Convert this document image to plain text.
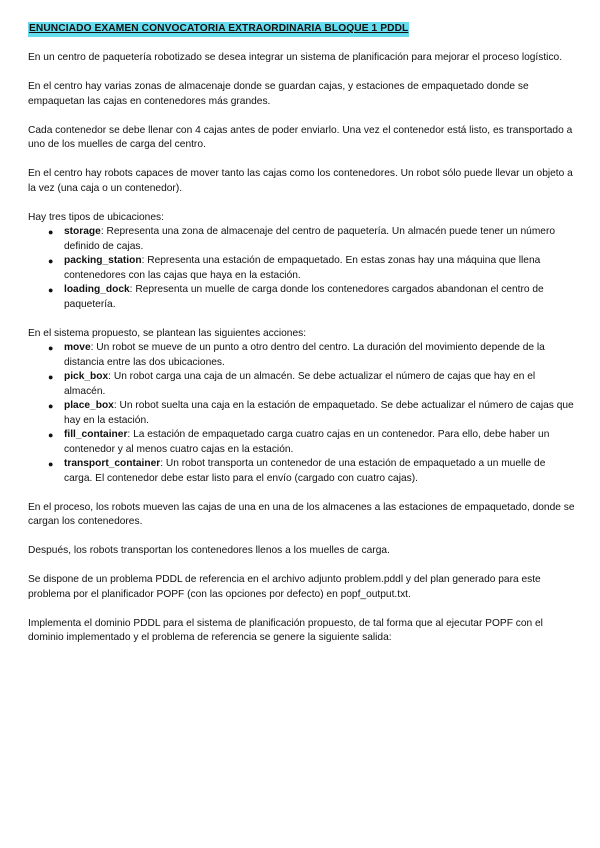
ENUNCIADO EXAMEN CONVOCATORIA EXTRAORDINARIA BLOQUE 1 PDDL

En un centro de paquetería robotizado se desea integrar un sistema de planificación para mejorar el proceso logístico.

En el centro hay varias zonas de almacenaje donde se guardan cajas, y estaciones de empaquetado donde se empaquetan las cajas en contenedores más grandes.

Cada contenedor se debe llenar con 4 cajas antes de poder enviarlo. Una vez el contenedor está listo, es transportado a uno de los muelles de carga del centro.

En el centro hay robots capaces de mover tanto las cajas como los contenedores. Un robot sólo puede llevar un objeto a la vez (una caja o un contenedor).

Hay tres tipos de ubicaciones:

● storage: Representa una zona de almacenaje del centro de paquetería. Un almacén puede tener un número definido de cajas.
● packing_station: Representa una estación de empaquetado. En estas zonas hay una máquina que llena contenedores con las cajas que haya en la estación.
● loading_dock: Representa un muelle de carga donde los contenedores cargados abandonan el centro de paquetería.

En el sistema propuesto, se plantean las siguientes acciones:

● move: Un robot se mueve de un punto a otro dentro del centro. La duración del movimiento depende de la distancia entre las dos ubicaciones.
● pick_box: Un robot carga una caja de un almacén. Se debe actualizar el número de cajas que hay en el almacén.
● place_box: Un robot suelta una caja en la estación de empaquetado. Se debe actualizar el número de cajas que hay en la estación.
● fill_container: La estación de empaquetado carga cuatro cajas en un contenedor. Para ello, debe haber un contenedor y al menos cuatro cajas en la estación.
● transport_container: Un robot transporta un contenedor de una estación de empaquetado a un muelle de carga. El contenedor debe estar listo para el envío (cargado con cuatro cajas).

En el proceso, los robots mueven las cajas de una en una de los almacenes a las estaciones de empaquetado, donde se cargan los contenedores.

Después, los robots transportan los contenedores llenos a los muelles de carga.

Se dispone de un problema PDDL de referencia en el archivo adjunto problem.pddl y del plan generado para este problema por el planificador POPF (con las opciones por defecto) en popf_output.txt.

Implementa el dominio PDDL para el sistema de planificación propuesto, de tal forma que al ejecutar POPF con el dominio implementado y el problema de referencia se genere la siguiente salida:
